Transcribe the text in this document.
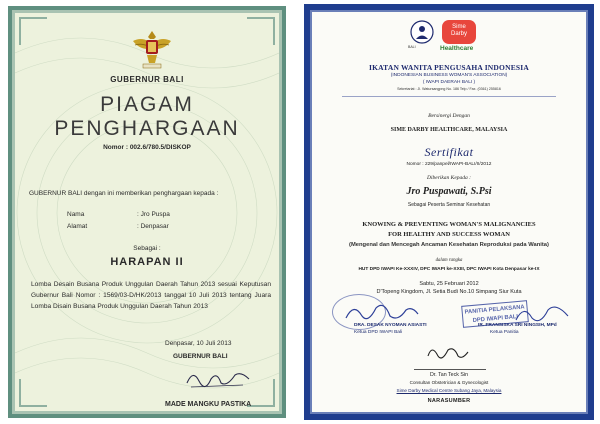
GUBERNUR BALI
PIAGAM
PENGHARGAAN
Nomor : 002.6/780.5/DISKOP
GUBERNUR BALI dengan ini memberikan penghargaan kepada :
Nama	: Jro Puspa
Alamat	: Denpasar
Sebagai :
HARAPAN II
Lomba Desain Busana Produk Unggulan Daerah Tahun 2013 sesuai Keputusan Gubernur Bali Nomor : 1569/03-D/HK/2013 tanggal 10 Juli 2013 tentang Juara Lomba Disain Busana Produk Unggulan Daerah Tahun 2013
Denpasar, 10 Juli 2013
GUBERNUR BALI
MADE MANGKU PASTIKA
BALI
Sime
Darby
Healthcare
IKATAN WANITA PENGUSAHA INDONESIA
(INDONESIAN BUSINESS WOMAN'S ASSOCIATION)
( IWAPI DAERAH BALI )
Sekretariat : Jl. Watursangpng No. 186 Telp / Fax. (0361) 255816
Bersinergi Dengan
SIME DARBY HEALTHCARE, MALAYSIA
Sertifikat
Nomor : 229/panpel/IWAPI-BALI/II/2012
Diberikan Kepada :
Jro Puspawati, S.Psi
Sebagai Peserta Seminar Kesehatan
KNOWING & PREVENTING WOMAN'S MALIGNANCIES
FOR HEALTHY AND SUCCESS WOMAN
(Mengenal dan Mencegah Ancaman Kesehatan Reproduksi pada Wanita)
dalam rangka
HUT DPD IWAPI Ke-XXXIV, DPC IWAPI ke-XXIII, DPC IWAPI Kota Denpasar ke-IX
Sabtu, 25 Februari 2012
D'Topeng Kingdom, Jl. Setia Budi No.10 Simpang Siur Kuta
DRA. DESAK NYOMAN ASIASTI
Ketua DPD IWAPI Bali
PANITIA PELAKSANA
DPD IWAPI BALI
IR. FRANSISKA SRI NINGSIH, MPd
Ketua Panitia
Dr. Tan Teck Sin
Consultan Obstetrician & Gynecologist
Sime Darby Medical Centre Subang Jaya, Malaysia
NARASUMBER
